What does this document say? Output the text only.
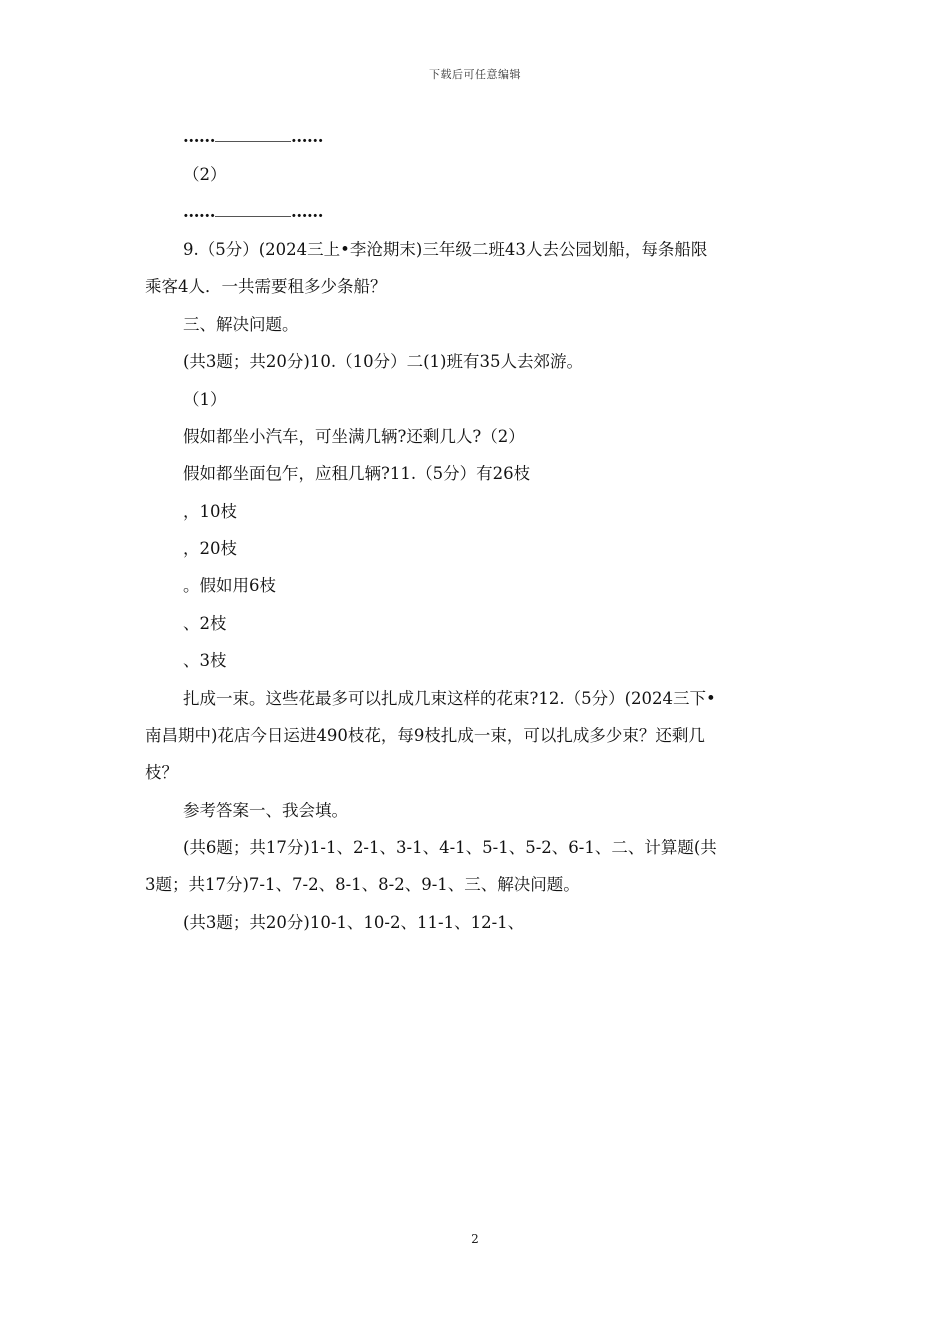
下载后可任意编辑
……	……
（2）
……	……
9.（5分）(2024三上•李沧期末)三年级二班43人去公园划船，每条船限
乘客4人．一共需要租多少条船？
三、解决问题。
(共3题；共20分)10.（10分）二(1)班有35人去郊游。
（1）
假如都坐小汽车，可坐满几辆?还剩几人?（2）
假如都坐面包乍，应租几辆?11.（5分）有26枝
，10枝
，20枝
。假如用6枝
、2枝
、3枝
扎成一束。这些花最多可以扎成几束这样的花束?12.（5分）(2024三下•
南昌期中)花店今日运进490枝花，每9枝扎成一束，可以扎成多少束？还剩几
枝？
参考答案一、我会填。
(共6题；共17分)1-1、2-1、3-1、4-1、5-1、5-2、6-1、二、计算题(共
3题；共17分)7-1、7-2、8-1、8-2、9-1、三、解决问题。
(共3题；共20分)10-1、10-2、11-1、12-1、
2
